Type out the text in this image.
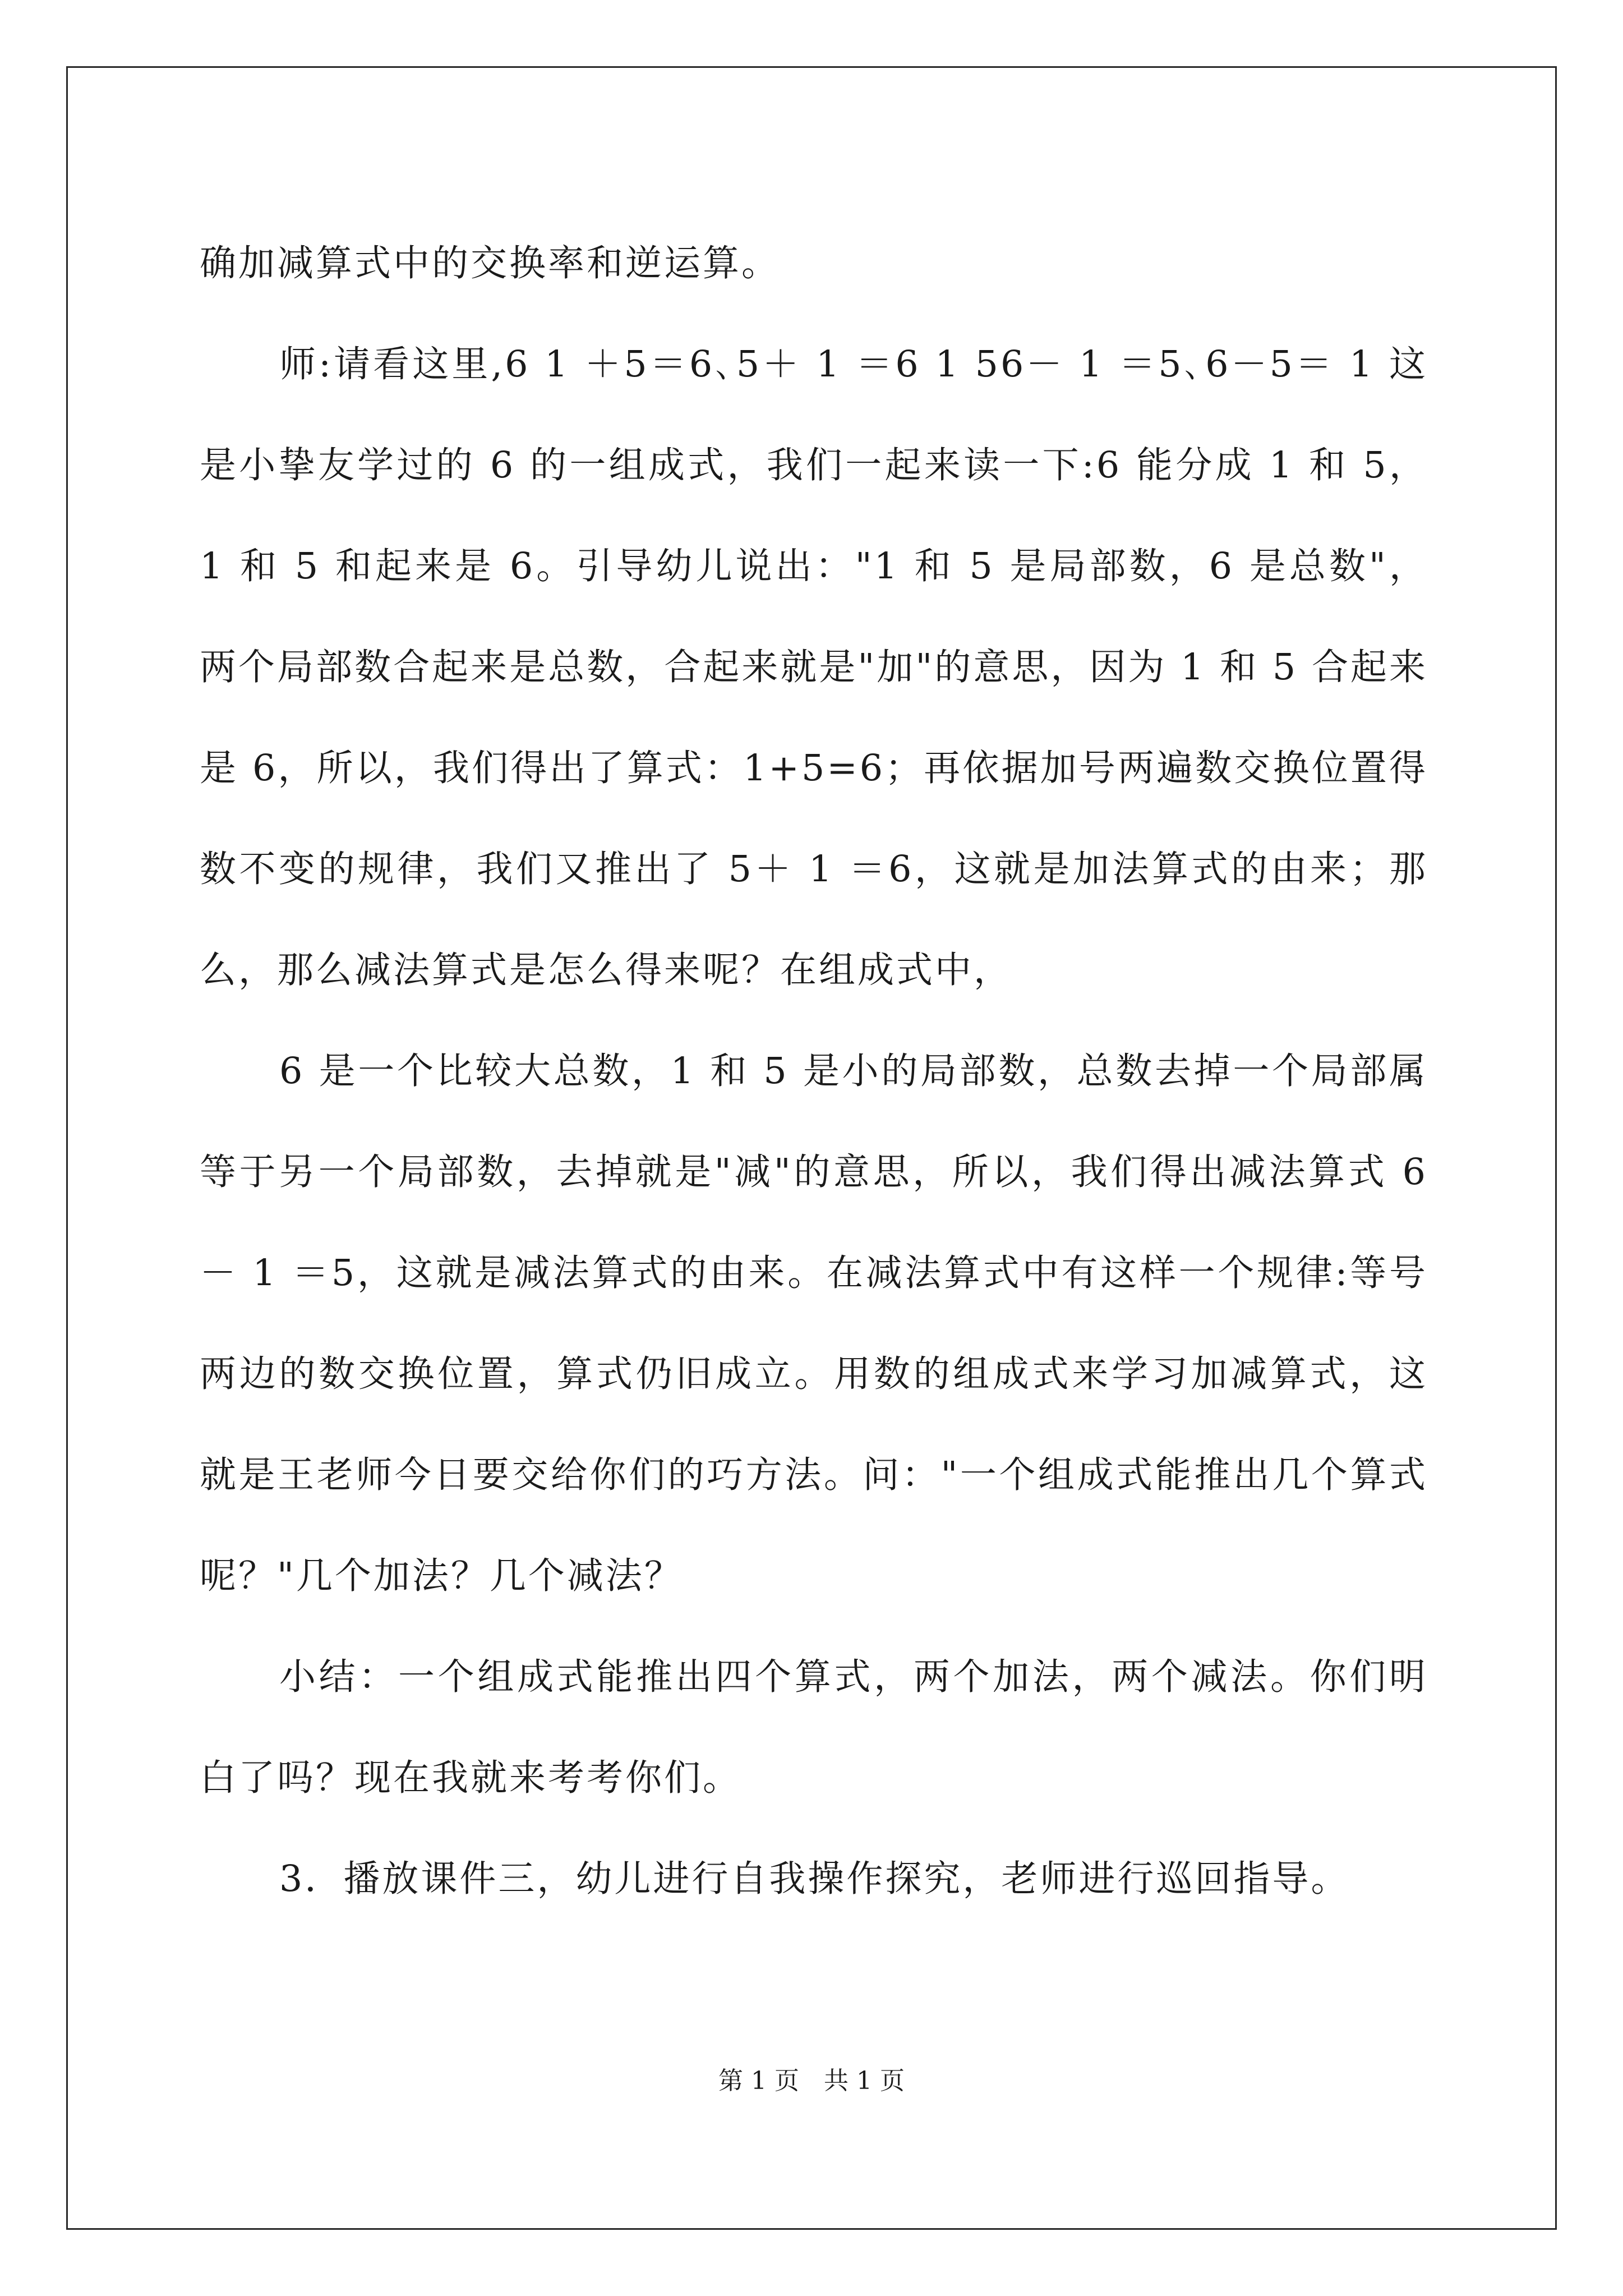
确加减算式中的交换率和逆运算。

师:请看这里,6 1 ＋5＝6､5＋ 1 ＝6 1 56－ 1 ＝5､6－5＝ 1 这是小挚友学过的 6 的一组成式，我们一起来读一下:6 能分成 1 和 5，1 和 5 和起来是 6。引导幼儿说出："1 和 5 是局部数，6 是总数"，两个局部数合起来是总数，合起来就是"加"的意思，因为 1 和 5 合起来是 6，所以，我们得出了算式：1+5=6；再依据加号两遍数交换位置得数不变的规律，我们又推出了 5＋ 1 ＝6，这就是加法算式的由来；那么，那么减法算式是怎么得来呢？在组成式中，

6 是一个比较大总数，1 和 5 是小的局部数，总数去掉一个局部属等于另一个局部数，去掉就是"减"的意思，所以，我们得出减法算式 6－ 1 ＝5，这就是减法算式的由来。在减法算式中有这样一个规律:等号两边的数交换位置，算式仍旧成立。用数的组成式来学习加减算式，这就是王老师今日要交给你们的巧方法。问："一个组成式能推出几个算式呢？"几个加法？几个减法？

小结：一个组成式能推出四个算式，两个加法，两个减法。你们明白了吗？现在我就来考考你们。

3．播放课件三，幼儿进行自我操作探究，老师进行巡回指导。

第 1 页　共 1 页
